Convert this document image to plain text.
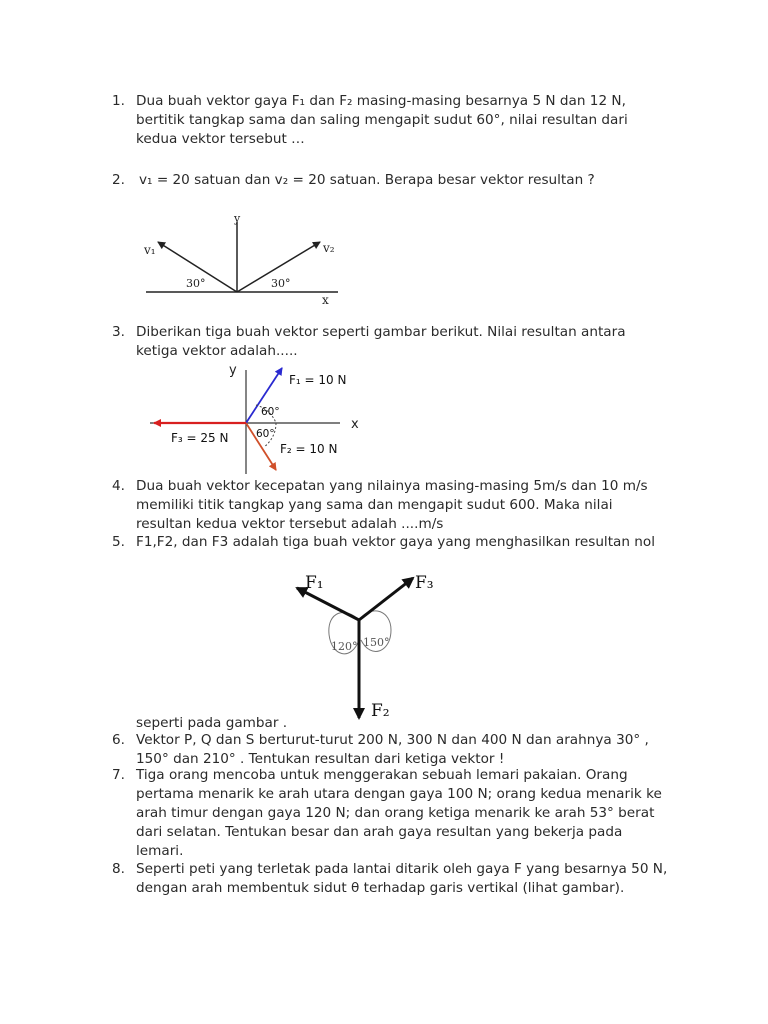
1. Dua buah vektor gaya F₁ dan F₂ masing-masing besarnya 5 N dan 12 N,
bertitik tangkap sama dan saling mengapit sudut 60°, nilai resultan dari
kedua vektor tersebut …
2.	v₁ = 20 satuan dan v₂ = 20 satuan. Berapa besar vektor resultan ?
v₁	v₂
y
x
30°	30°
3. Diberikan tiga buah vektor seperti gambar berikut. Nilai resultan antara
ketiga vektor adalah.....
y
x
F₁ = 10 N
F₂ = 10 N
F₃ = 25 N
60°
60°
4. Dua buah vektor kecepatan yang nilainya masing-masing 5m/s dan 10 m/s
memiliki titik tangkap yang sama dan mengapit sudut 600. Maka nilai
resultan kedua vektor tersebut adalah ....m/s
5. F1,F2, dan F3 adalah tiga buah vektor gaya yang menghasilkan resultan nol
F₁	F₃
F₂
120° 150°
seperti pada gambar .
6. Vektor P, Q dan S berturut-turut 200 N, 300 N dan 400 N dan arahnya 30° ,
150° dan 210° . Tentukan resultan dari ketiga vektor !
7. Tiga orang mencoba untuk menggerakan sebuah lemari pakaian. Orang
pertama menarik ke arah utara dengan gaya 100 N; orang kedua menarik ke
arah timur dengan gaya 120 N; dan orang ketiga menarik ke arah 53° berat
dari selatan. Tentukan besar dan arah gaya resultan yang bekerja pada
lemari.
8. Seperti peti yang terletak pada lantai ditarik oleh gaya F yang besarnya 50 N,
dengan arah membentuk sidut θ terhadap garis vertikal (lihat gambar).
